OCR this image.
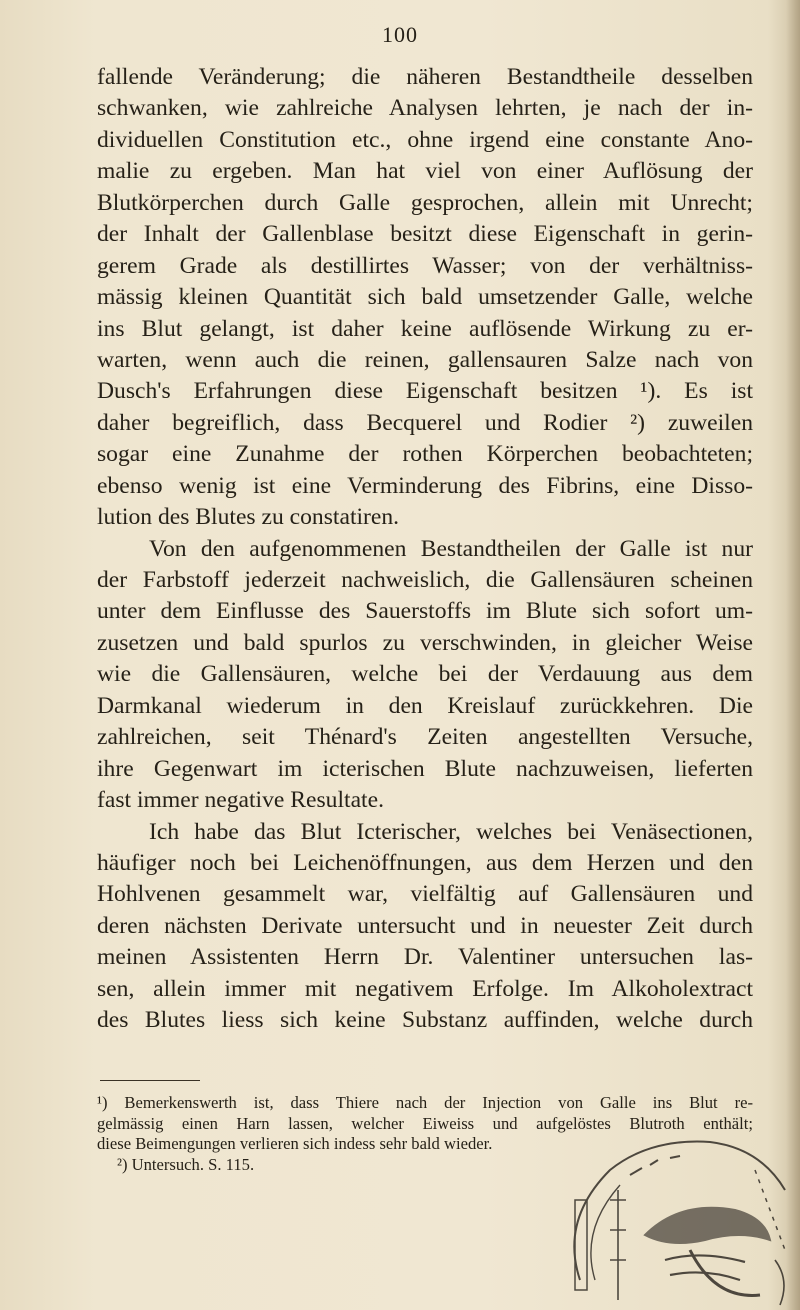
100
fallende Veränderung; die näheren Bestandtheile desselben
schwanken, wie zahlreiche Analysen lehrten, je nach der in-
dividuellen Constitution etc., ohne irgend eine constante Ano-
malie zu ergeben. Man hat viel von einer Auflösung der
Blutkörperchen durch Galle gesprochen, allein mit Unrecht;
der Inhalt der Gallenblase besitzt diese Eigenschaft in gerin-
gerem Grade als destillirtes Wasser; von der verhältniss-
mässig kleinen Quantität sich bald umsetzender Galle, welche
ins Blut gelangt, ist daher keine auflösende Wirkung zu er-
warten, wenn auch die reinen, gallensauren Salze nach von
Dusch's Erfahrungen diese Eigenschaft besitzen ¹). Es ist
daher begreiflich, dass Becquerel und Rodier ²) zuweilen
sogar eine Zunahme der rothen Körperchen beobachteten;
ebenso wenig ist eine Verminderung des Fibrins, eine Disso-
lution des Blutes zu constatiren.
Von den aufgenommenen Bestandtheilen der Galle ist nur
der Farbstoff jederzeit nachweislich, die Gallensäuren scheinen
unter dem Einflusse des Sauerstoffs im Blute sich sofort um-
zusetzen und bald spurlos zu verschwinden, in gleicher Weise
wie die Gallensäuren, welche bei der Verdauung aus dem
Darmkanal wiederum in den Kreislauf zurückkehren. Die
zahlreichen, seit Thénard's Zeiten angestellten Versuche,
ihre Gegenwart im icterischen Blute nachzuweisen, lieferten
fast immer negative Resultate.
Ich habe das Blut Icterischer, welches bei Venäsectionen,
häufiger noch bei Leichenöffnungen, aus dem Herzen und den
Hohlvenen gesammelt war, vielfältig auf Gallensäuren und
deren nächsten Derivate untersucht und in neuester Zeit durch
meinen Assistenten Herrn Dr. Valentiner untersuchen las-
sen, allein immer mit negativem Erfolge. Im Alkoholextract
des Blutes liess sich keine Substanz auffinden, welche durch
¹) Bemerkenswerth ist, dass Thiere nach der Injection von Galle ins Blut re-
gelmässig einen Harn lassen, welcher Eiweiss und aufgelöstes Blutroth enthält;
diese Beimengungen verlieren sich indess sehr bald wieder.
²) Untersuch. S. 115.
